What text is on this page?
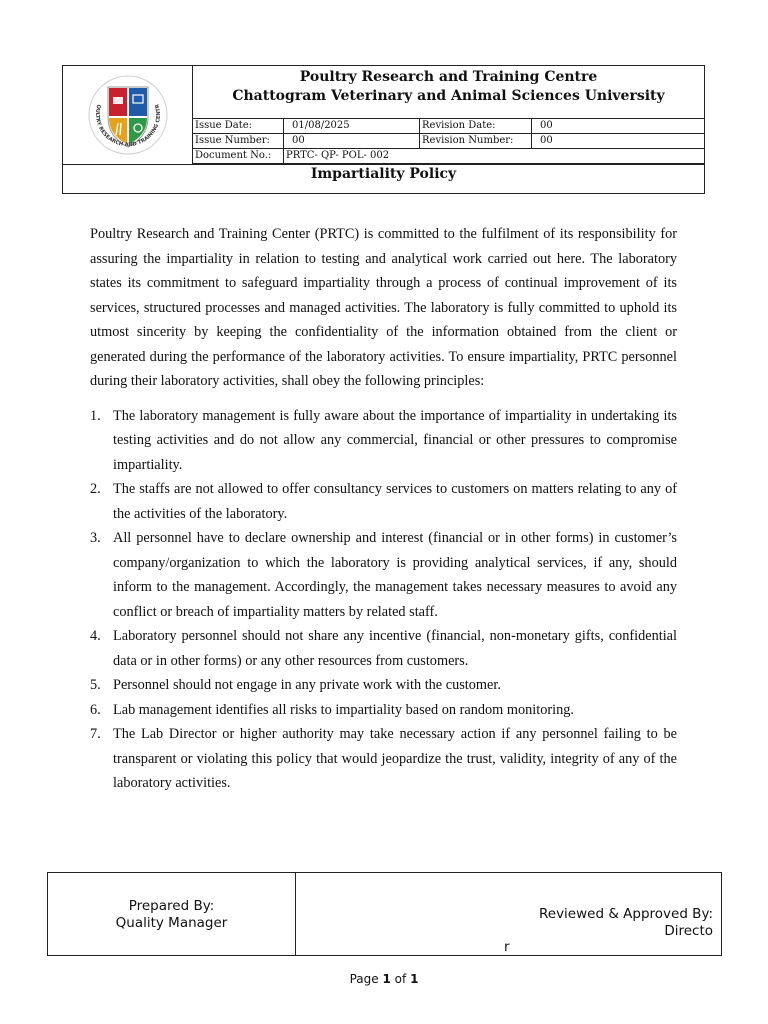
OULTRY RESEARCH AND TRAINING CENTR
Poultry Research and Training Centre
Chattogram Veterinary and Animal Sciences University
Issue Date:	01/08/2025	Revision Date:	00
Issue Number:	00	Revision Number:	00
Document No.:	PRTC- QP- POL- 002
Impartiality Policy

Poultry Research and Training Center (PRTC) is committed to the fulfilment of its responsibility for assuring the impartiality in relation to testing and analytical work carried out here. The laboratory states its commitment to safeguard impartiality through a process of continual improvement of its services, structured processes and managed activities. The laboratory is fully committed to uphold its utmost sincerity by keeping the confidentiality of the information obtained from the client or generated during the performance of the laboratory activities. To ensure impartiality, PRTC personnel during their laboratory activities, shall obey the following principles:

1. The laboratory management is fully aware about the importance of impartiality in undertaking its testing activities and do not allow any commercial, financial or other pressures to compromise impartiality.
2. The staffs are not allowed to offer consultancy services to customers on matters relating to any of the activities of the laboratory.
3. All personnel have to declare ownership and interest (financial or in other forms) in customer’s company/organization to which the laboratory is providing analytical services, if any, should inform to the management. Accordingly, the management takes necessary measures to avoid any conflict or breach of impartiality matters by related staff.
4. Laboratory personnel should not share any incentive (financial, non-monetary gifts, confidential data or in other forms) or any other resources from customers.
5. Personnel should not engage in any private work with the customer.
6. Lab management identifies all risks to impartiality based on random monitoring.
7. The Lab Director or higher authority may take necessary action if any personnel failing to be transparent or violating this policy that would jeopardize the trust, validity, integrity of any of the laboratory activities.
Prepared By:
Quality Manager
Reviewed & Approved By:
Directo
r
Page 1 of 1
